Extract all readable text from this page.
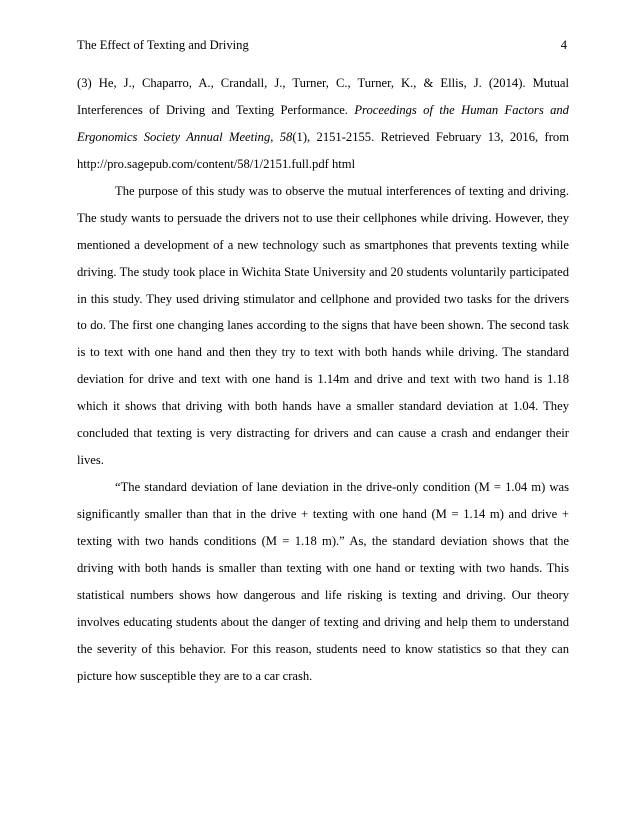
The Effect of Texting and Driving	4
(3) He, J., Chaparro, A., Crandall, J., Turner, C., Turner, K., & Ellis, J. (2014). Mutual
Interferences of Driving and Texting Performance. Proceedings of the Human Factors and
Ergonomics Society Annual Meeting, 58(1), 2151-2155. Retrieved February 13, 2016, from
http://pro.sagepub.com/content/58/1/2151.full.pdf html
The purpose of this study was to observe the mutual interferences of texting and driving.
The study wants to persuade the drivers not to use their cellphones while driving. However, they
mentioned a development of a new technology such as smartphones that prevents texting while
driving. The study took place in Wichita State University and 20 students voluntarily participated
in this study. They used driving stimulator and cellphone and provided two tasks for the drivers
to do. The first one changing lanes according to the signs that have been shown. The second task
is to text with one hand and then they try to text with both hands while driving. The standard
deviation for drive and text with one hand is 1.14m and drive and text with two hand is 1.18
which it shows that driving with both hands have a smaller standard deviation at 1.04. They
concluded that texting is very distracting for drivers and can cause a crash and endanger their
lives.
“The standard deviation of lane deviation in the drive-only condition (M = 1.04 m) was
significantly smaller than that in the drive + texting with one hand (M = 1.14 m) and drive +
texting with two hands conditions (M = 1.18 m).” As, the standard deviation shows that the
driving with both hands is smaller than texting with one hand or texting with two hands. This
statistical numbers shows how dangerous and life risking is texting and driving. Our theory
involves educating students about the danger of texting and driving and help them to understand
the severity of this behavior. For this reason, students need to know statistics so that they can
picture how susceptible they are to a car crash.
